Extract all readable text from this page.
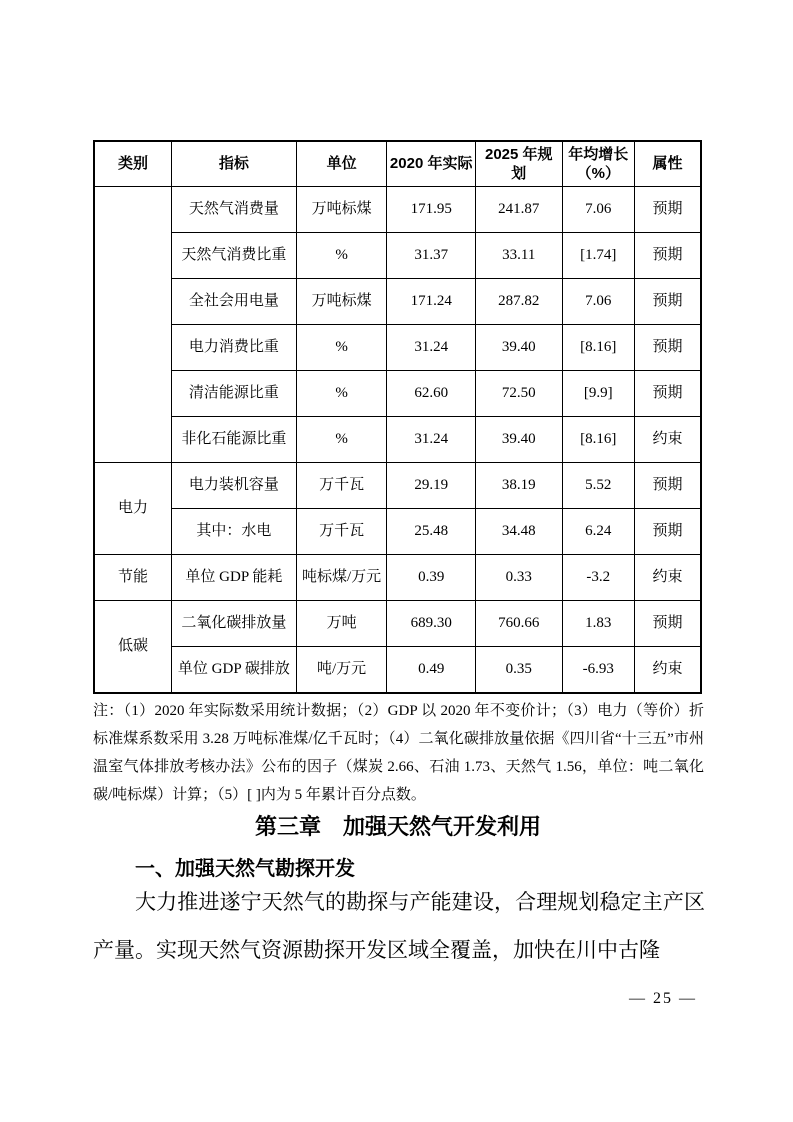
类别	指标	单位	2020 年实际	2025 年规划	年均增长（%）	属性
	天然气消费量	万吨标煤	171.95	241.87	7.06	预期
	天然气消费比重	%	31.37	33.11	[1.74]	预期
	全社会用电量	万吨标煤	171.24	287.82	7.06	预期
	电力消费比重	%	31.24	39.40	[8.16]	预期
	清洁能源比重	%	62.60	72.50	[9.9]	预期
	非化石能源比重	%	31.24	39.40	[8.16]	约束
电力	电力装机容量	万千瓦	29.19	38.19	5.52	预期
	其中：水电	万千瓦	25.48	34.48	6.24	预期
节能	单位 GDP 能耗	吨标煤/万元	0.39	0.33	-3.2	约束
低碳	二氧化碳排放量	万吨	689.30	760.66	1.83	预期
	单位 GDP 碳排放	吨/万元	0.49	0.35	-6.93	约束

注：（1）2020 年实际数采用统计数据；（2）GDP 以 2020 年不变价计；（3）电力（等价）折标准煤系数采用 3.28 万吨标准煤/亿千瓦时；（4）二氧化碳排放量依据《四川省“十三五”市州温室气体排放考核办法》公布的因子（煤炭 2.66、石油 1.73、天然气 1.56，单位：吨二氧化碳/吨标煤）计算；（5）[ ]内为 5 年累计百分点数。

第三章　加强天然气开发利用
一、加强天然气勘探开发

大力推进遂宁天然气的勘探与产能建设，合理规划稳定主产区产量。实现天然气资源勘探开发区域全覆盖，加快在川中古隆

— 25 —
